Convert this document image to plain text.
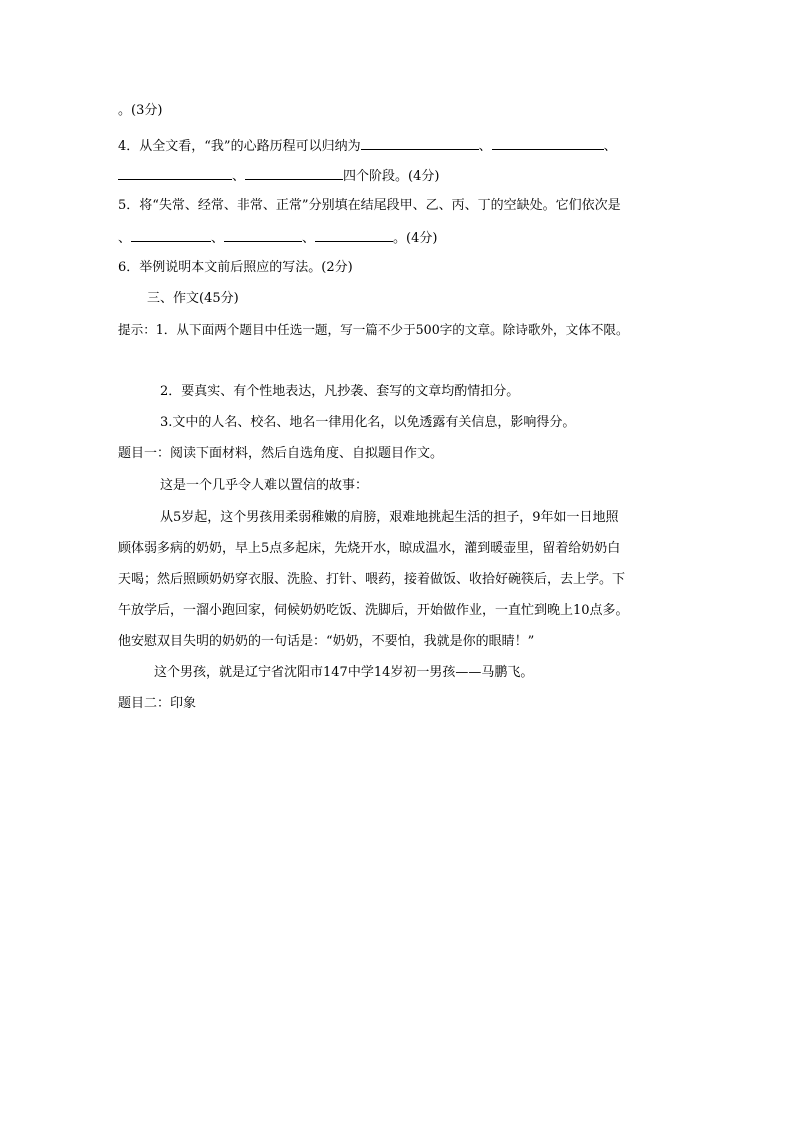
。(3分)
4．从全文看，“我”的心路历程可以归纳为	、	、
、	四个阶段。(4分)
5．将“失常、经常、非常、正常”分别填在结尾段甲、乙、丙、丁的空缺处。它们依次是
、	、	、	。(4分)
6．举例说明本文前后照应的写法。(2分)
三、作文(45分)
提示：1．从下面两个题目中任选一题，写一篇不少于500字的文章。除诗歌外，文体不限。
2．要真实、有个性地表达，凡抄袭、套写的文章均酌情扣分。
3.文中的人名、校名、地名一律用化名，以免透露有关信息，影响得分。
题目一：阅读下面材料，然后自选角度、自拟题目作文。
这是一个几乎令人难以置信的故事：
从5岁起，这个男孩用柔弱稚嫩的肩膀，艰难地挑起生活的担子，9年如一日地照
顾体弱多病的奶奶，早上5点多起床，先烧开水，晾成温水，灌到暖壶里，留着给奶奶白
天喝；然后照顾奶奶穿衣服、洗脸、打针、喂药，接着做饭、收拾好碗筷后，去上学。下
午放学后，一溜小跑回家，伺候奶奶吃饭、洗脚后，开始做作业，一直忙到晚上10点多。
他安慰双目失明的奶奶的一句话是：“奶奶，不要怕，我就是你的眼睛！”
这个男孩，就是辽宁省沈阳市147中学14岁初一男孩——马鹏飞。
题目二：印象
